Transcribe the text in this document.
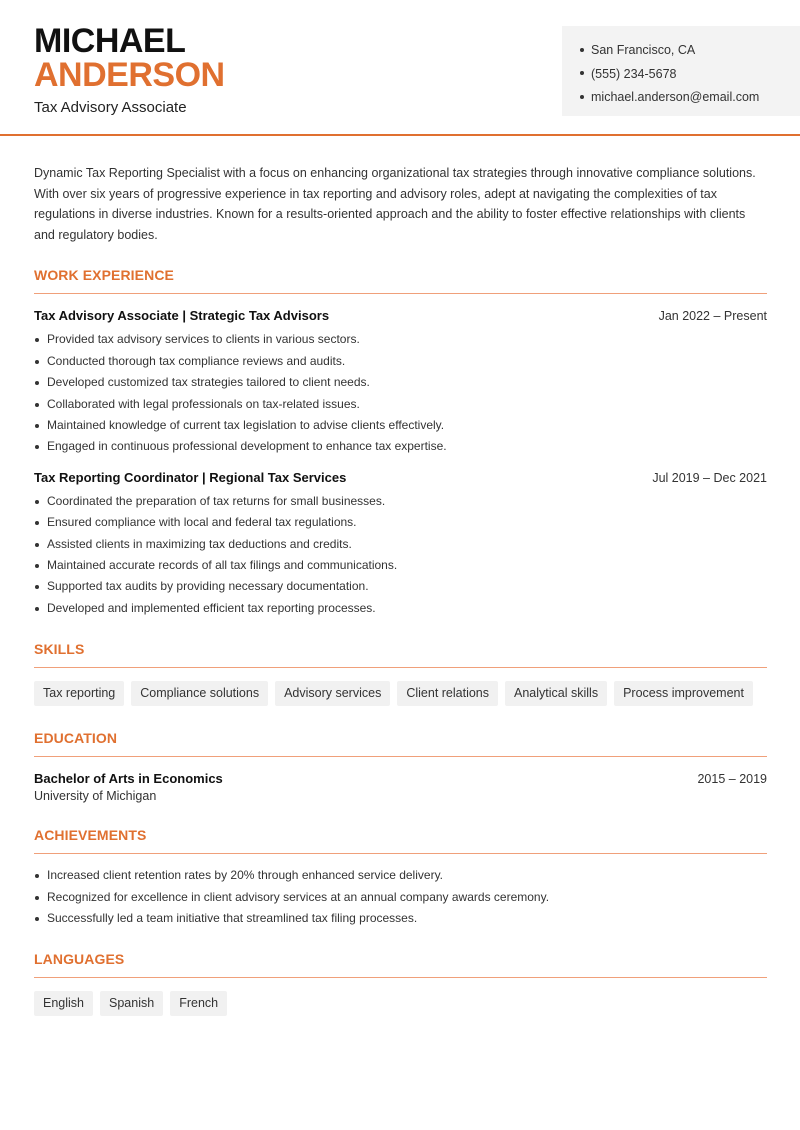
MICHAEL
ANDERSON
Tax Advisory Associate
San Francisco, CA
(555) 234-5678
michael.anderson@email.com

Dynamic Tax Reporting Specialist with a focus on enhancing organizational tax strategies through innovative compliance solutions. With over six years of progressive experience in tax reporting and advisory roles, adept at navigating the complexities of tax regulations in diverse industries. Known for a results-oriented approach and the ability to foster effective relationships with clients and regulatory bodies.

WORK EXPERIENCE
Tax Advisory Associate | Strategic Tax Advisors	Jan 2022 – Present
Provided tax advisory services to clients in various sectors.
Conducted thorough tax compliance reviews and audits.
Developed customized tax strategies tailored to client needs.
Collaborated with legal professionals on tax-related issues.
Maintained knowledge of current tax legislation to advise clients effectively.
Engaged in continuous professional development to enhance tax expertise.
Tax Reporting Coordinator | Regional Tax Services	Jul 2019 – Dec 2021
Coordinated the preparation of tax returns for small businesses.
Ensured compliance with local and federal tax regulations.
Assisted clients in maximizing tax deductions and credits.
Maintained accurate records of all tax filings and communications.
Supported tax audits by providing necessary documentation.
Developed and implemented efficient tax reporting processes.
SKILLS
Tax reporting	Compliance solutions	Advisory services	Client relations	Analytical skills	Process improvement
EDUCATION
Bachelor of Arts in Economics	2015 – 2019
University of Michigan
ACHIEVEMENTS
Increased client retention rates by 20% through enhanced service delivery.
Recognized for excellence in client advisory services at an annual company awards ceremony.
Successfully led a team initiative that streamlined tax filing processes.
LANGUAGES
English	Spanish	French
